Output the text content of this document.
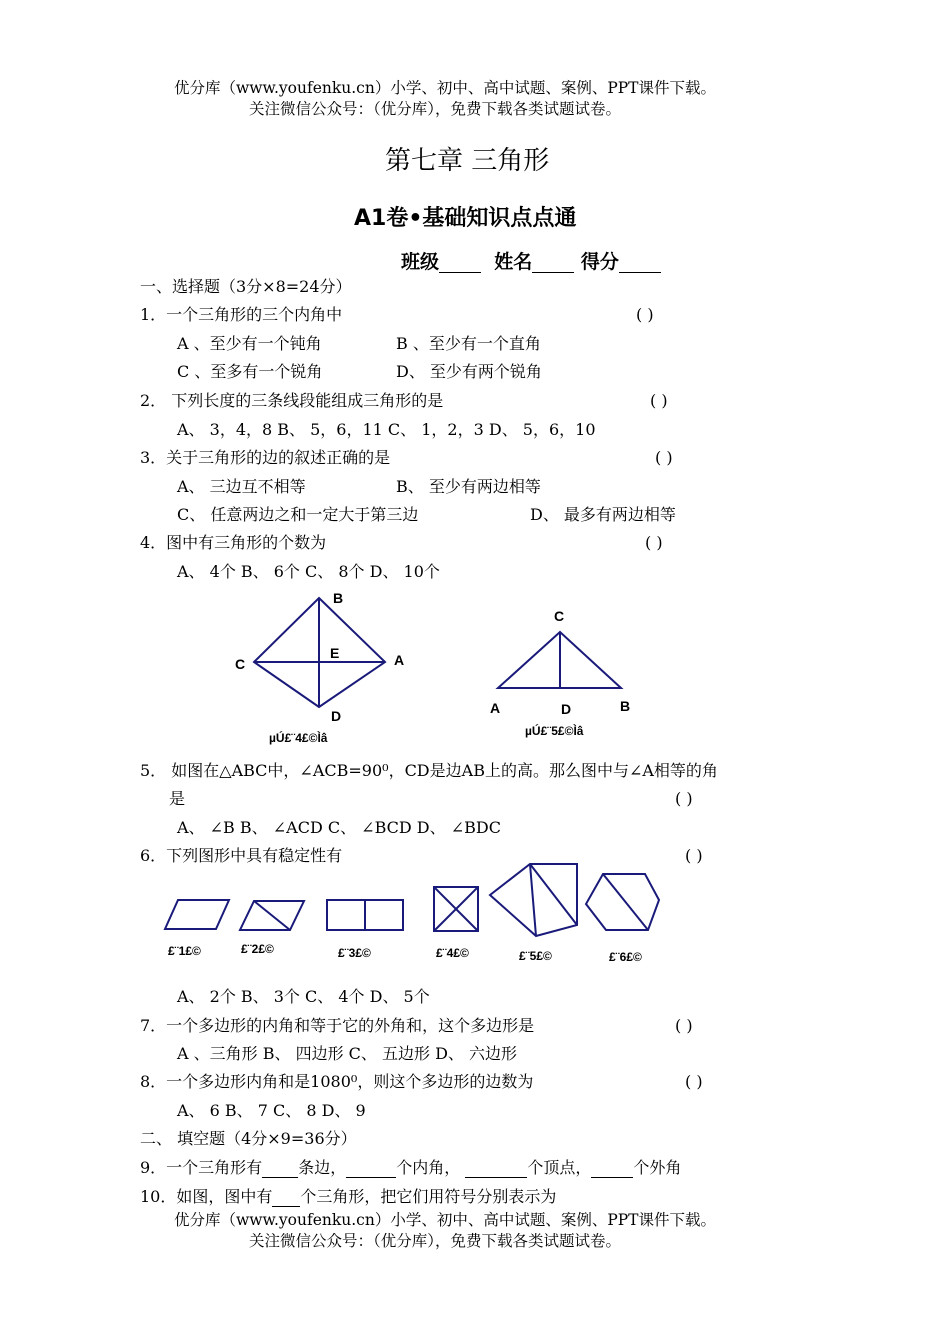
优分库（www.youfenku.cn）小学、初中、高中试题、案例、PPT课件下载。
关注微信公众号：（优分库），免费下载各类试题试卷。
第七章 三角形
A1卷•基础知识点点通
班级	姓名	得分
一、选择题（3分×8=24分）
1．一个三角形的三个内角中	( )
A 、至少有一个钝角	B 、至少有一个直角
C 、至多有一个锐角	D、 至少有两个锐角
2． 下列长度的三条线段能组成三角形的是	( )
A、 3，4，8 B、 5，6，11 C、 1，2，3 D、 5，6，10
3．关于三角形的边的叙述正确的是	( )
A、 三边互不相等	B、 至少有两边相等
C、 任意两边之和一定大于第三边	D、 最多有两边相等
4．图中有三角形的个数为	( )
A、 4个 B、 6个 C、 8个 D、 10个
B
C
E	A
D
µÚ£¨4£©Ìâ
C
A	D	B
µÚ£¨5£©Ìâ
5． 如图在△ABC中，∠ACB=90⁰，CD是边AB上的高。那么图中与∠A相等的角
是	( )
A、 ∠B B、 ∠ACD C、 ∠BCD D、 ∠BDC
6．下列图形中具有稳定性有	( )
£¨1£©	£¨2£©	£¨3£©	£¨4£©	£¨5£©	£¨6£©
A、 2个 B、 3个 C、 4个 D、 5个
7．一个多边形的内角和等于它的外角和，这个多边形是	( )
A 、三角形 B、 四边形 C、 五边形 D、 六边形
8．一个多边形内角和是1080⁰，则这个多边形的边数为	( )
A、 6 B、 7 C、 8 D、 9
二、 填空题（4分×9=36分）
9．一个三角形有 条边，	个内角，	个顶点，	个外角
10．如图，图中有 个三角形，把它们用符号分别表示为
优分库（www.youfenku.cn）小学、初中、高中试题、案例、PPT课件下载。
关注微信公众号：（优分库），免费下载各类试题试卷。
